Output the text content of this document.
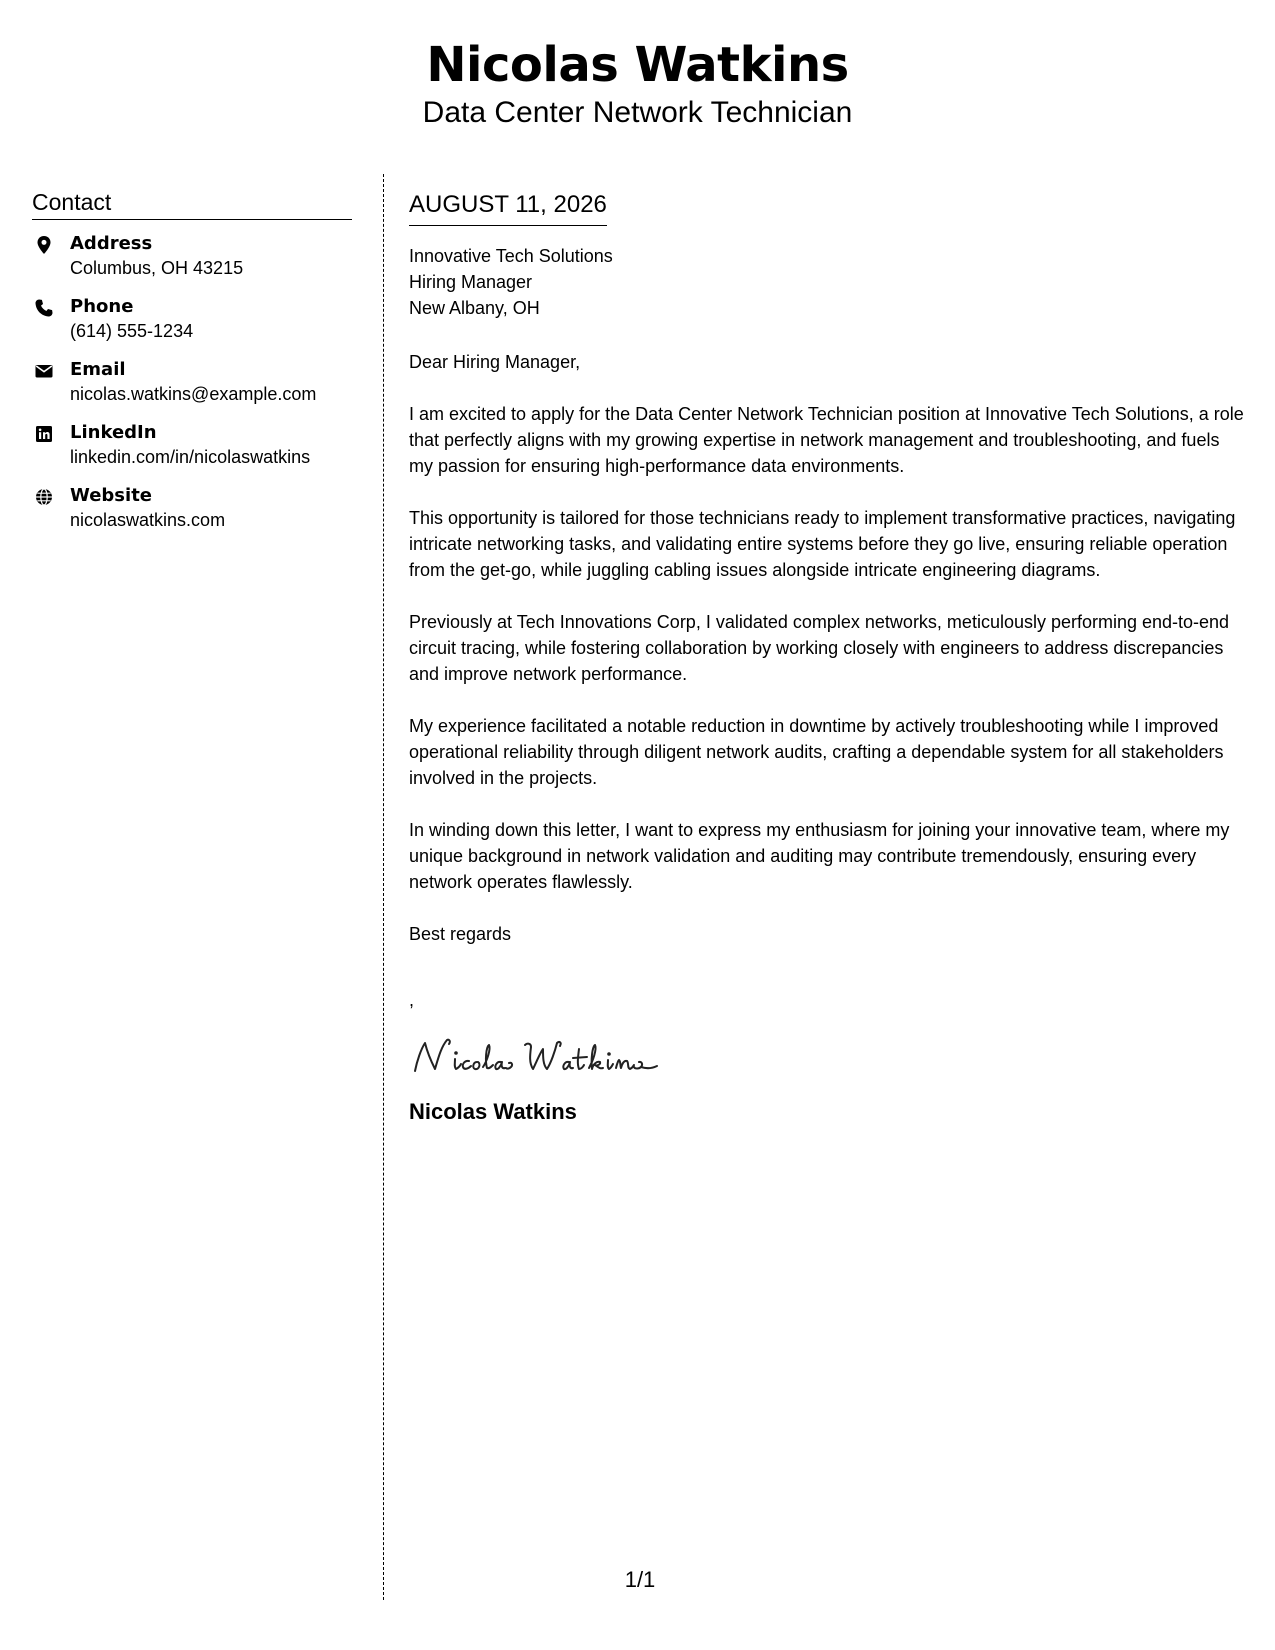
Nicolas Watkins
Data Center Network Technician
Contact
Address
Columbus, OH 43215
Phone
(614) 555-1234
Email
nicolas.watkins@example.com
LinkedIn
linkedin.com/in/nicolaswatkins
Website
nicolaswatkins.com
AUGUST 11, 2026
Innovative Tech Solutions
Hiring Manager
New Albany, OH
Dear Hiring Manager,

I am excited to apply for the Data Center Network Technician position at Innovative Tech Solutions, a role that perfectly aligns with my growing expertise in network management and troubleshooting, and fuels my passion for ensuring high-performance data environments.

This opportunity is tailored for those technicians ready to implement transformative practices, navigating intricate networking tasks, and validating entire systems before they go live, ensuring reliable operation from the get-go, while juggling cabling issues alongside intricate engineering diagrams.

Previously at Tech Innovations Corp, I validated complex networks, meticulously performing end-to-end circuit tracing, while fostering collaboration by working closely with engineers to address discrepancies and improve network performance.

My experience facilitated a notable reduction in downtime by actively troubleshooting while I improved operational reliability through diligent network audits, crafting a dependable system for all stakeholders involved in the projects.

In winding down this letter, I want to express my enthusiasm for joining your innovative team, where my unique background in network validation and auditing may contribute tremendously, ensuring every network operates flawlessly.

Best regards
,
Nicolas Watkins
1/1
